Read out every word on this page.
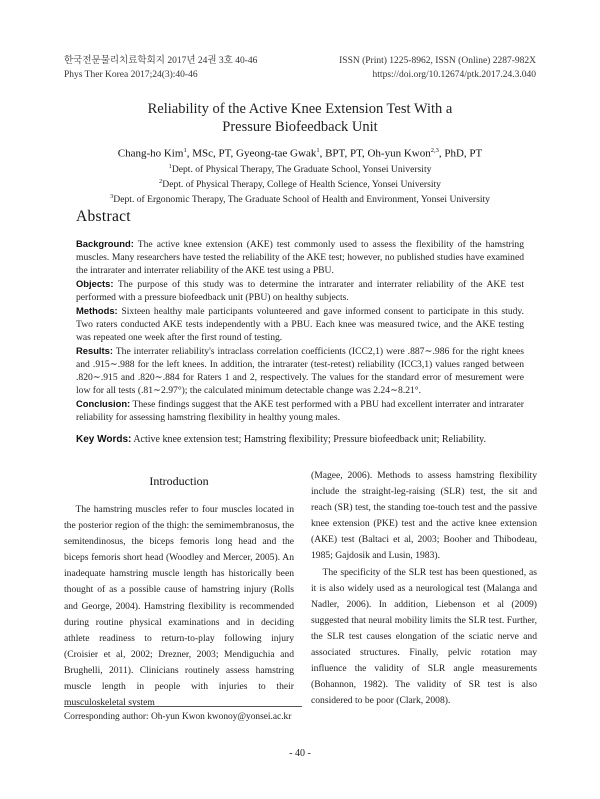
한국전문물리치료학회지 2017년 24권 3호 40-46
Phys Ther Korea 2017;24(3):40-46
ISSN (Print) 1225-8962, ISSN (Online) 2287-982X
https://doi.org/10.12674/ptk.2017.24.3.040
Reliability of the Active Knee Extension Test With a
Pressure Biofeedback Unit
Chang-ho Kim$^1$, MSc, PT, Gyeong-tae Gwak$^1$, BPT, PT, Oh-yun Kwon$^{2,3}$, PhD, PT
$^1$Dept. of Physical Therapy, The Graduate School, Yonsei University
$^2$Dept. of Physical Therapy, College of Health Science, Yonsei University
$^3$Dept. of Ergonomic Therapy, The Graduate School of Health and Environment, Yonsei University
Abstract

Background: The active knee extension (AKE) test commonly used to assess the flexibility of the hamstring muscles. Many researchers have tested the reliability of the AKE test; however, no published studies have examined the intrarater and interrater reliability of the AKE test using a PBU.

Objects: The purpose of this study was to determine the intrarater and interrater reliability of the AKE test performed with a pressure biofeedback unit (PBU) on healthy subjects.

Methods: Sixteen healthy male participants volunteered and gave informed consent to participate in this study. Two raters conducted AKE tests independently with a PBU. Each knee was measured twice, and the AKE testing was repeated one week after the first round of testing.

Results: The interrater reliability's intraclass correlation coefficients (ICC2,1) were .887∼.986 for the right knees and .915∼.988 for the left knees. In addition, the intrarater (test-retest) reliability (ICC3,1) values ranged between .820∼.915 and .820∼.884 for Raters 1 and 2, respectively. The values for the standard error of mesurement were low for all tests (.81∼2.97°); the calculated minimum detectable change was 2.24∼8.21°.

Conclusion: These findings suggest that the AKE test performed with a PBU had excellent interrater and intrarater reliability for assessing hamstring flexibility in healthy young males.

Key Words: Active knee extension test; Hamstring flexibility; Pressure biofeedback unit; Reliability.
Introduction

The hamstring muscles refer to four muscles located in the posterior region of the thigh: the semimembranosus, the semitendinosus, the biceps femoris long head and the biceps femoris short head (Woodley and Mercer, 2005). An inadequate hamstring muscle length has historically been thought of as a possible cause of hamstring injury (Rolls and George, 2004). Hamstring flexibility is recommended during routine physical examinations and in deciding athlete readiness to return-to-play following injury (Croisier et al, 2002; Drezner, 2003; Mendiguchia and Brughelli, 2011). Clinicians routinely assess hamstring muscle length in people with injuries to their musculoskeletal system

(Magee, 2006). Methods to assess hamstring flexibility include the straight-leg-raising (SLR) test, the sit and reach (SR) test, the standing toe-touch test and the passive knee extension (PKE) test and the active knee extension (AKE) test (Baltaci et al, 2003; Booher and Thibodeau, 1985; Gajdosik and Lusin, 1983).

The specificity of the SLR test has been questioned, as it is also widely used as a neurological test (Malanga and Nadler, 2006). In addition, Liebenson et al (2009) suggested that neural mobility limits the SLR test. Further, the SLR test causes elongation of the sciatic nerve and associated structures. Finally, pelvic rotation may influence the validity of SLR angle measurements (Bohannon, 1982). The validity of SR test is also considered to be poor (Clark, 2008).

Corresponding author: Oh-yun Kwon kwonoy@yonsei.ac.kr
- 40 -
